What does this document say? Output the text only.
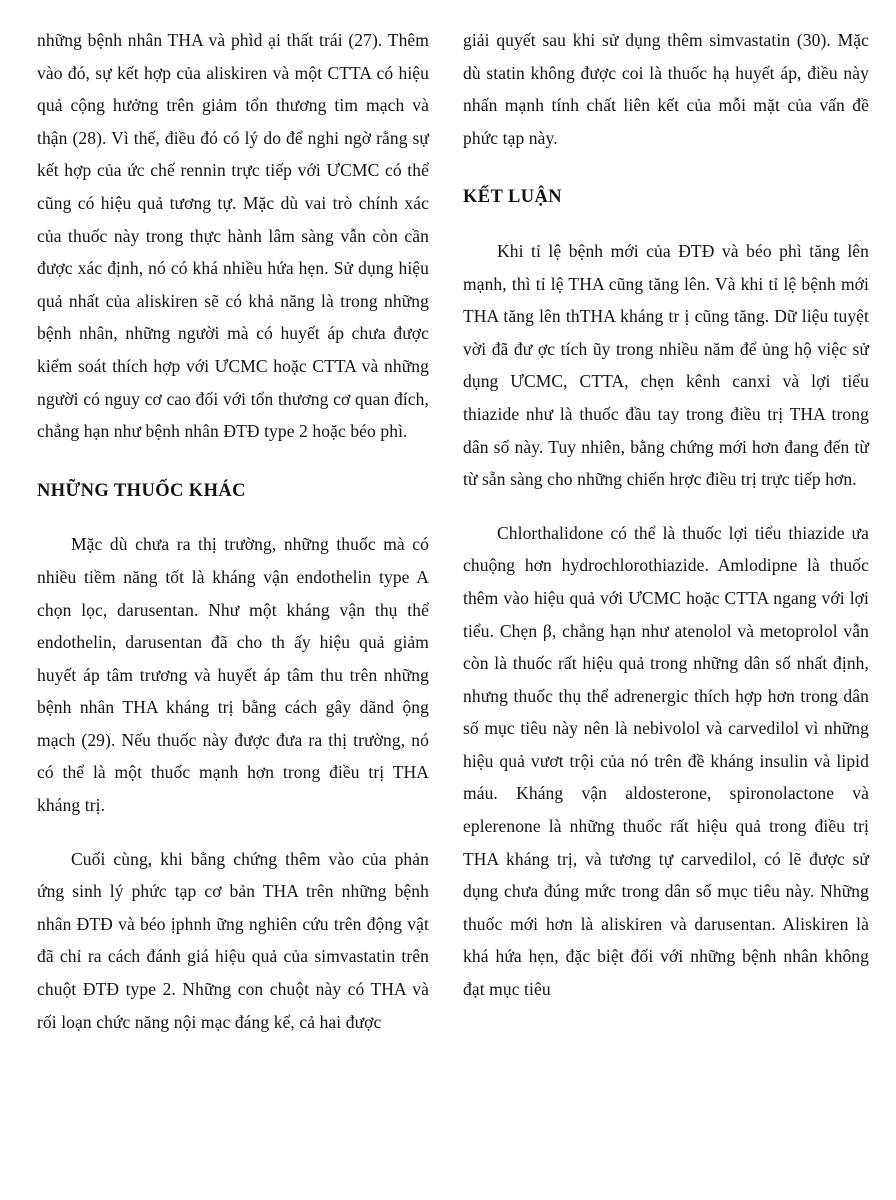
những bệnh nhân THA và phìd ại thất trái (27). Thêm vào đó, sự kết hợp của aliskiren và một CTTA có hiệu quả cộng hưởng trên giảm tổn thương tim mạch và thận (28). Vì thế, điều đó có lý do để nghi ngờ rằng sự kết hợp của ức chế rennin trực tiếp với ƯCMC có thể cũng có hiệu quả tương tự. Mặc dù vai trò chính xác của thuốc này trong thực hành lâm sàng vẫn còn cần được xác định, nó có khá nhiều hứa hẹn. Sử dụng hiệu quả nhất của aliskiren sẽ có khả năng là trong những bệnh nhân, những người mà có huyết áp chưa được kiểm soát thích hợp với ƯCMC hoặc CTTA và những người có nguy cơ cao đối với tổn thương cơ quan đích, chẳng hạn như bệnh nhân ĐTĐ type 2 hoặc béo phì.

NHỮNG THUỐC KHÁC

Mặc dù chưa ra thị trường, những thuốc mà có nhiều tiềm năng tốt là kháng vận endothelin type A chọn lọc, darusentan. Như một kháng vận thụ thể endothelin, darusentan đã cho th ấy hiệu quả giảm huyết áp tâm trương và huyết áp tâm thu trên những bệnh nhân THA kháng trị bằng cách gây dãnd ộng mạch (29). Nếu thuốc này được đưa ra thị trường, nó có thể là một thuốc mạnh hơn trong điều trị THA kháng trị.

Cuối cùng, khi bằng chứng thêm vào của phản ứng sinh lý phức tạp cơ bản THA trên những bệnh nhân ĐTĐ và béo ịphnh ững nghiên cứu trên động vật đã chỉ ra cách đánh giá hiệu quả của simvastatin trên chuột ĐTĐ type 2. Những con chuột này có THA và rối loạn chức năng nội mạc đáng kể, cả hai được

giải quyết sau khi sử dụng thêm simvastatin (30). Mặc dù statin không được coi là thuốc hạ huyết áp, điều này nhấn mạnh tính chất liên kết của mỗi mặt của vấn đề phức tạp này.

KẾT LUẬN

Khi tỉ lệ bệnh mới của ĐTĐ và béo phì tăng lên mạnh, thì tỉ lệ THA cũng tăng lên. Và khi tỉ lệ bệnh mới THA tăng lên thTHA kháng tr ị cũng tăng. Dữ liệu tuyệt vời đã đư ợc tích ũy trong nhiều năm để ủng hộ việc sử dụng ƯCMC, CTTA, chẹn kênh canxi và lợi tiểu thiazide như là thuốc đầu tay trong điều trị THA trong dân số này. Tuy nhiên, bằng chứng mới hơn đang đến từ từ sẵn sàng cho những chiến hrợc điều trị trực tiếp hơn.

Chlorthalidone có thể là thuốc lợi tiểu thiazide ưa chuộng hơn hydrochlorothiazide. Amlodipne là thuốc thêm vào hiệu quả với ƯCMC hoặc CTTA ngang với lợi tiểu. Chẹn β, chẳng hạn như atenolol và metoprolol vẫn còn là thuốc rất hiệu quả trong những dân số nhất định, nhưng thuốc thụ thể adrenergic thích hợp hơn trong dân số mục tiêu này nên là nebivolol và carvedilol vì những hiệu quả vươt trội của nó trên đề kháng insulin và lipid máu. Kháng vận aldosterone, spironolactone và eplerenone là những thuốc rất hiệu quả trong điều trị THA kháng trị, và tương tự carvedilol, có lẽ được sử dụng chưa đúng mức trong dân số mục tiêu này. Những thuốc mới hơn là aliskiren và darusentan. Aliskiren là khá hứa hẹn, đặc biệt đối với những bệnh nhân không đạt mục tiêu
